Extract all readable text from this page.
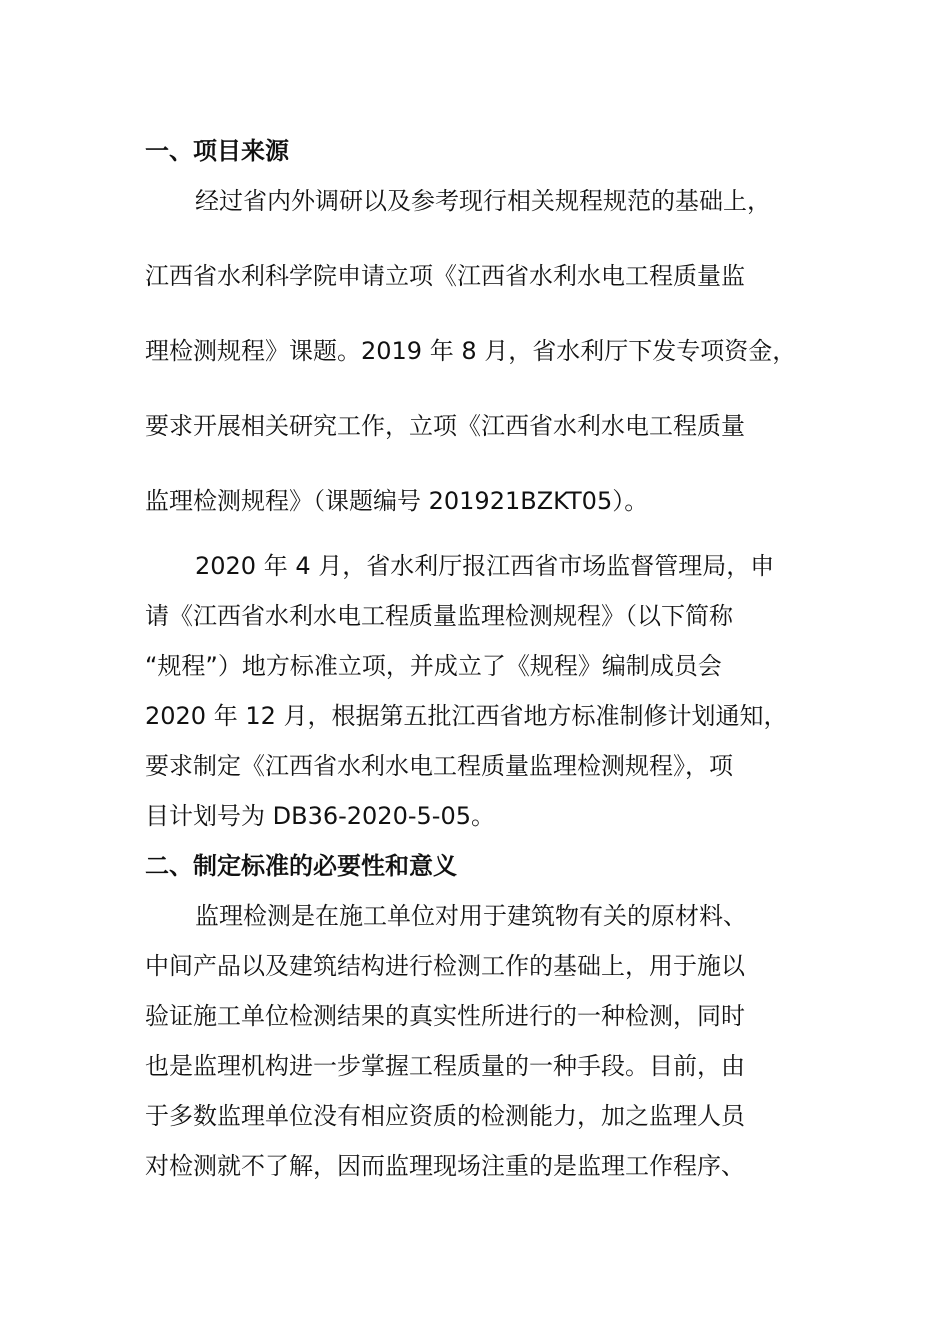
一、项目来源
经过省内外调研以及参考现行相关规程规范的基础上，
江西省水利科学院申请立项《江西省水利水电工程质量监
理检测规程》课题。2019 年 8 月，省水利厅下发专项资金，
要求开展相关研究工作，立项《江西省水利水电工程质量
监理检测规程》（课题编号 201921BZKT05）。
2020 年 4 月，省水利厅报江西省市场监督管理局，申
请《江西省水利水电工程质量监理检测规程》（以下简称
“规程”）地方标准立项，并成立了《规程》编制成员会
2020 年 12 月，根据第五批江西省地方标准制修计划通知，
要求制定《江西省水利水电工程质量监理检测规程》，项
目计划号为 DB36-2020-5-05。
二、制定标准的必要性和意义
监理检测是在施工单位对用于建筑物有关的原材料、
中间产品以及建筑结构进行检测工作的基础上，用于施以
验证施工单位检测结果的真实性所进行的一种检测，同时
也是监理机构进一步掌握工程质量的一种手段。目前，由
于多数监理单位没有相应资质的检测能力，加之监理人员
对检测就不了解，因而监理现场注重的是监理工作程序、
